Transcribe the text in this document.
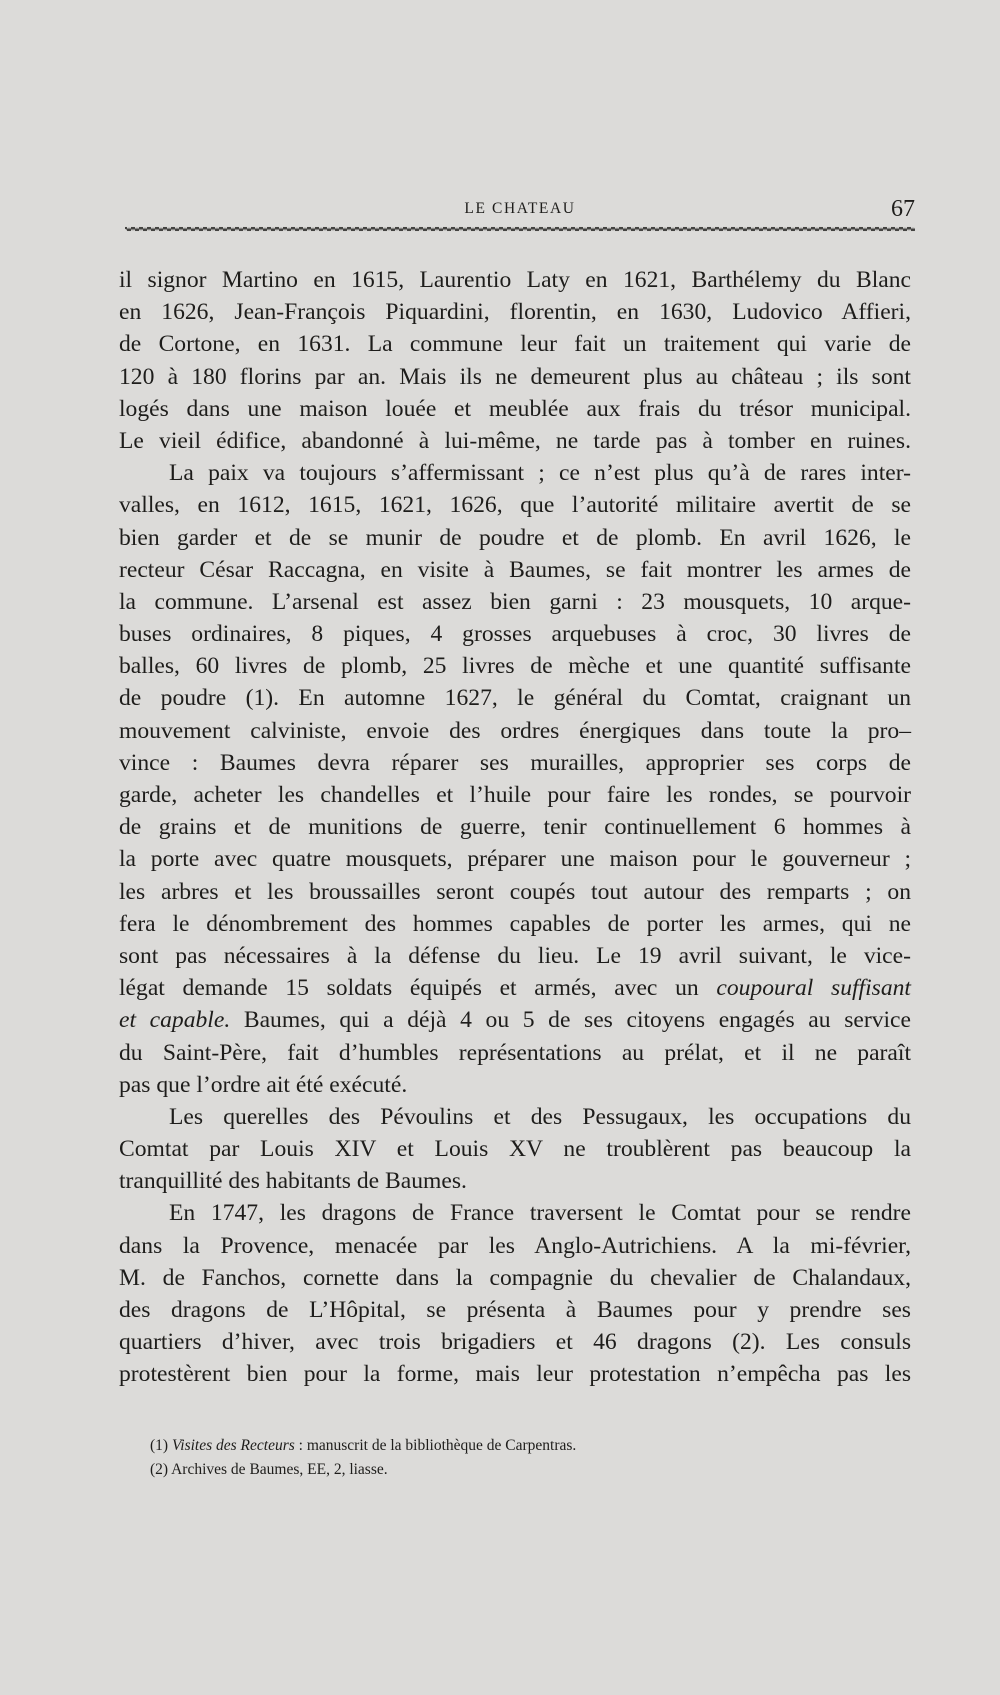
LE CHATEAU	67
il signor Martino en 1615, Laurentio Laty en 1621, Barthélemy du Blanc
en 1626, Jean-François Piquardini, florentin, en 1630, Ludovico Affieri,
de Cortone, en 1631. La commune leur fait un traitement qui varie de
120 à 180 florins par an. Mais ils ne demeurent plus au château ; ils sont
logés dans une maison louée et meublée aux frais du trésor municipal.
Le vieil édifice, abandonné à lui-même, ne tarde pas à tomber en ruines.
La paix va toujours s’affermissant ; ce n’est plus qu’à de rares inter-
valles, en 1612, 1615, 1621, 1626, que l’autorité militaire avertit de se
bien garder et de se munir de poudre et de plomb. En avril 1626, le
recteur César Raccagna, en visite à Baumes, se fait montrer les armes de
la commune. L’arsenal est assez bien garni : 23 mousquets, 10 arque-
buses ordinaires, 8 piques, 4 grosses arquebuses à croc, 30 livres de
balles, 60 livres de plomb, 25 livres de mèche et une quantité suffisante
de poudre (1). En automne 1627, le général du Comtat, craignant un
mouvement calviniste, envoie des ordres énergiques dans toute la pro–
vince : Baumes devra réparer ses murailles, approprier ses corps de
garde, acheter les chandelles et l’huile pour faire les rondes, se pourvoir
de grains et de munitions de guerre, tenir continuellement 6 hommes à
la porte avec quatre mousquets, préparer une maison pour le gouverneur ;
les arbres et les broussailles seront coupés tout autour des remparts ; on
fera le dénombrement des hommes capables de porter les armes, qui ne
sont pas nécessaires à la défense du lieu. Le 19 avril suivant, le vice-
légat demande 15 soldats équipés et armés, avec un coupoural suffisant
et capable. Baumes, qui a déjà 4 ou 5 de ses citoyens engagés au service
du Saint-Père, fait d’humbles représentations au prélat, et il ne paraît
pas que l’ordre ait été exécuté.
Les querelles des Pévoulins et des Pessugaux, les occupations du
Comtat par Louis XIV et Louis XV ne troublèrent pas beaucoup la
tranquillité des habitants de Baumes.
En 1747, les dragons de France traversent le Comtat pour se rendre
dans la Provence, menacée par les Anglo-Autrichiens. A la mi-février,
M. de Fanchos, cornette dans la compagnie du chevalier de Chalandaux,
des dragons de L’Hôpital, se présenta à Baumes pour y prendre ses
quartiers d’hiver, avec trois brigadiers et 46 dragons (2). Les consuls
protestèrent bien pour la forme, mais leur protestation n’empêcha pas les
(1) Visites des Recteurs : manuscrit de la bibliothèque de Carpentras.
(2) Archives de Baumes, EE, 2, liasse.
